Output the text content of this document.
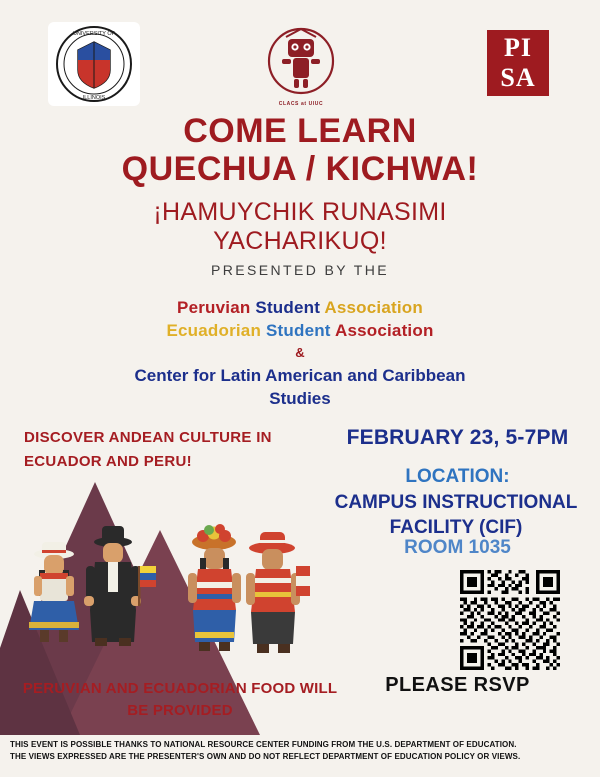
UNIVERSITY OF
ILLINOIS
CLACS at UIUC
PI
SA
COME LEARN
QUECHUA / KICHWA!
¡HAMUYCHIK RUNASIMI
YACHARIKUQ!
PRESENTED BY THE
Peruvian Student Association
Ecuadorian Student Association
&
Center for Latin American and Caribbean
Studies
DISCOVER ANDEAN CULTURE IN
ECUADOR AND PERU!
FEBRUARY 23, 5-7PM
LOCATION:
CAMPUS INSTRUCTIONAL
FACILITY (CIF)
ROOM 1035
PLEASE RSVP
PERUVIAN AND ECUADORIAN FOOD WILL
BE PROVIDED
THIS EVENT IS POSSIBLE THANKS TO NATIONAL RESOURCE CENTER FUNDING FROM THE U.S. DEPARTMENT OF EDUCATION.
THE VIEWS EXPRESSED ARE THE PRESENTER'S OWN AND DO NOT REFLECT DEPARTMENT OF EDUCATION POLICY OR VIEWS.
